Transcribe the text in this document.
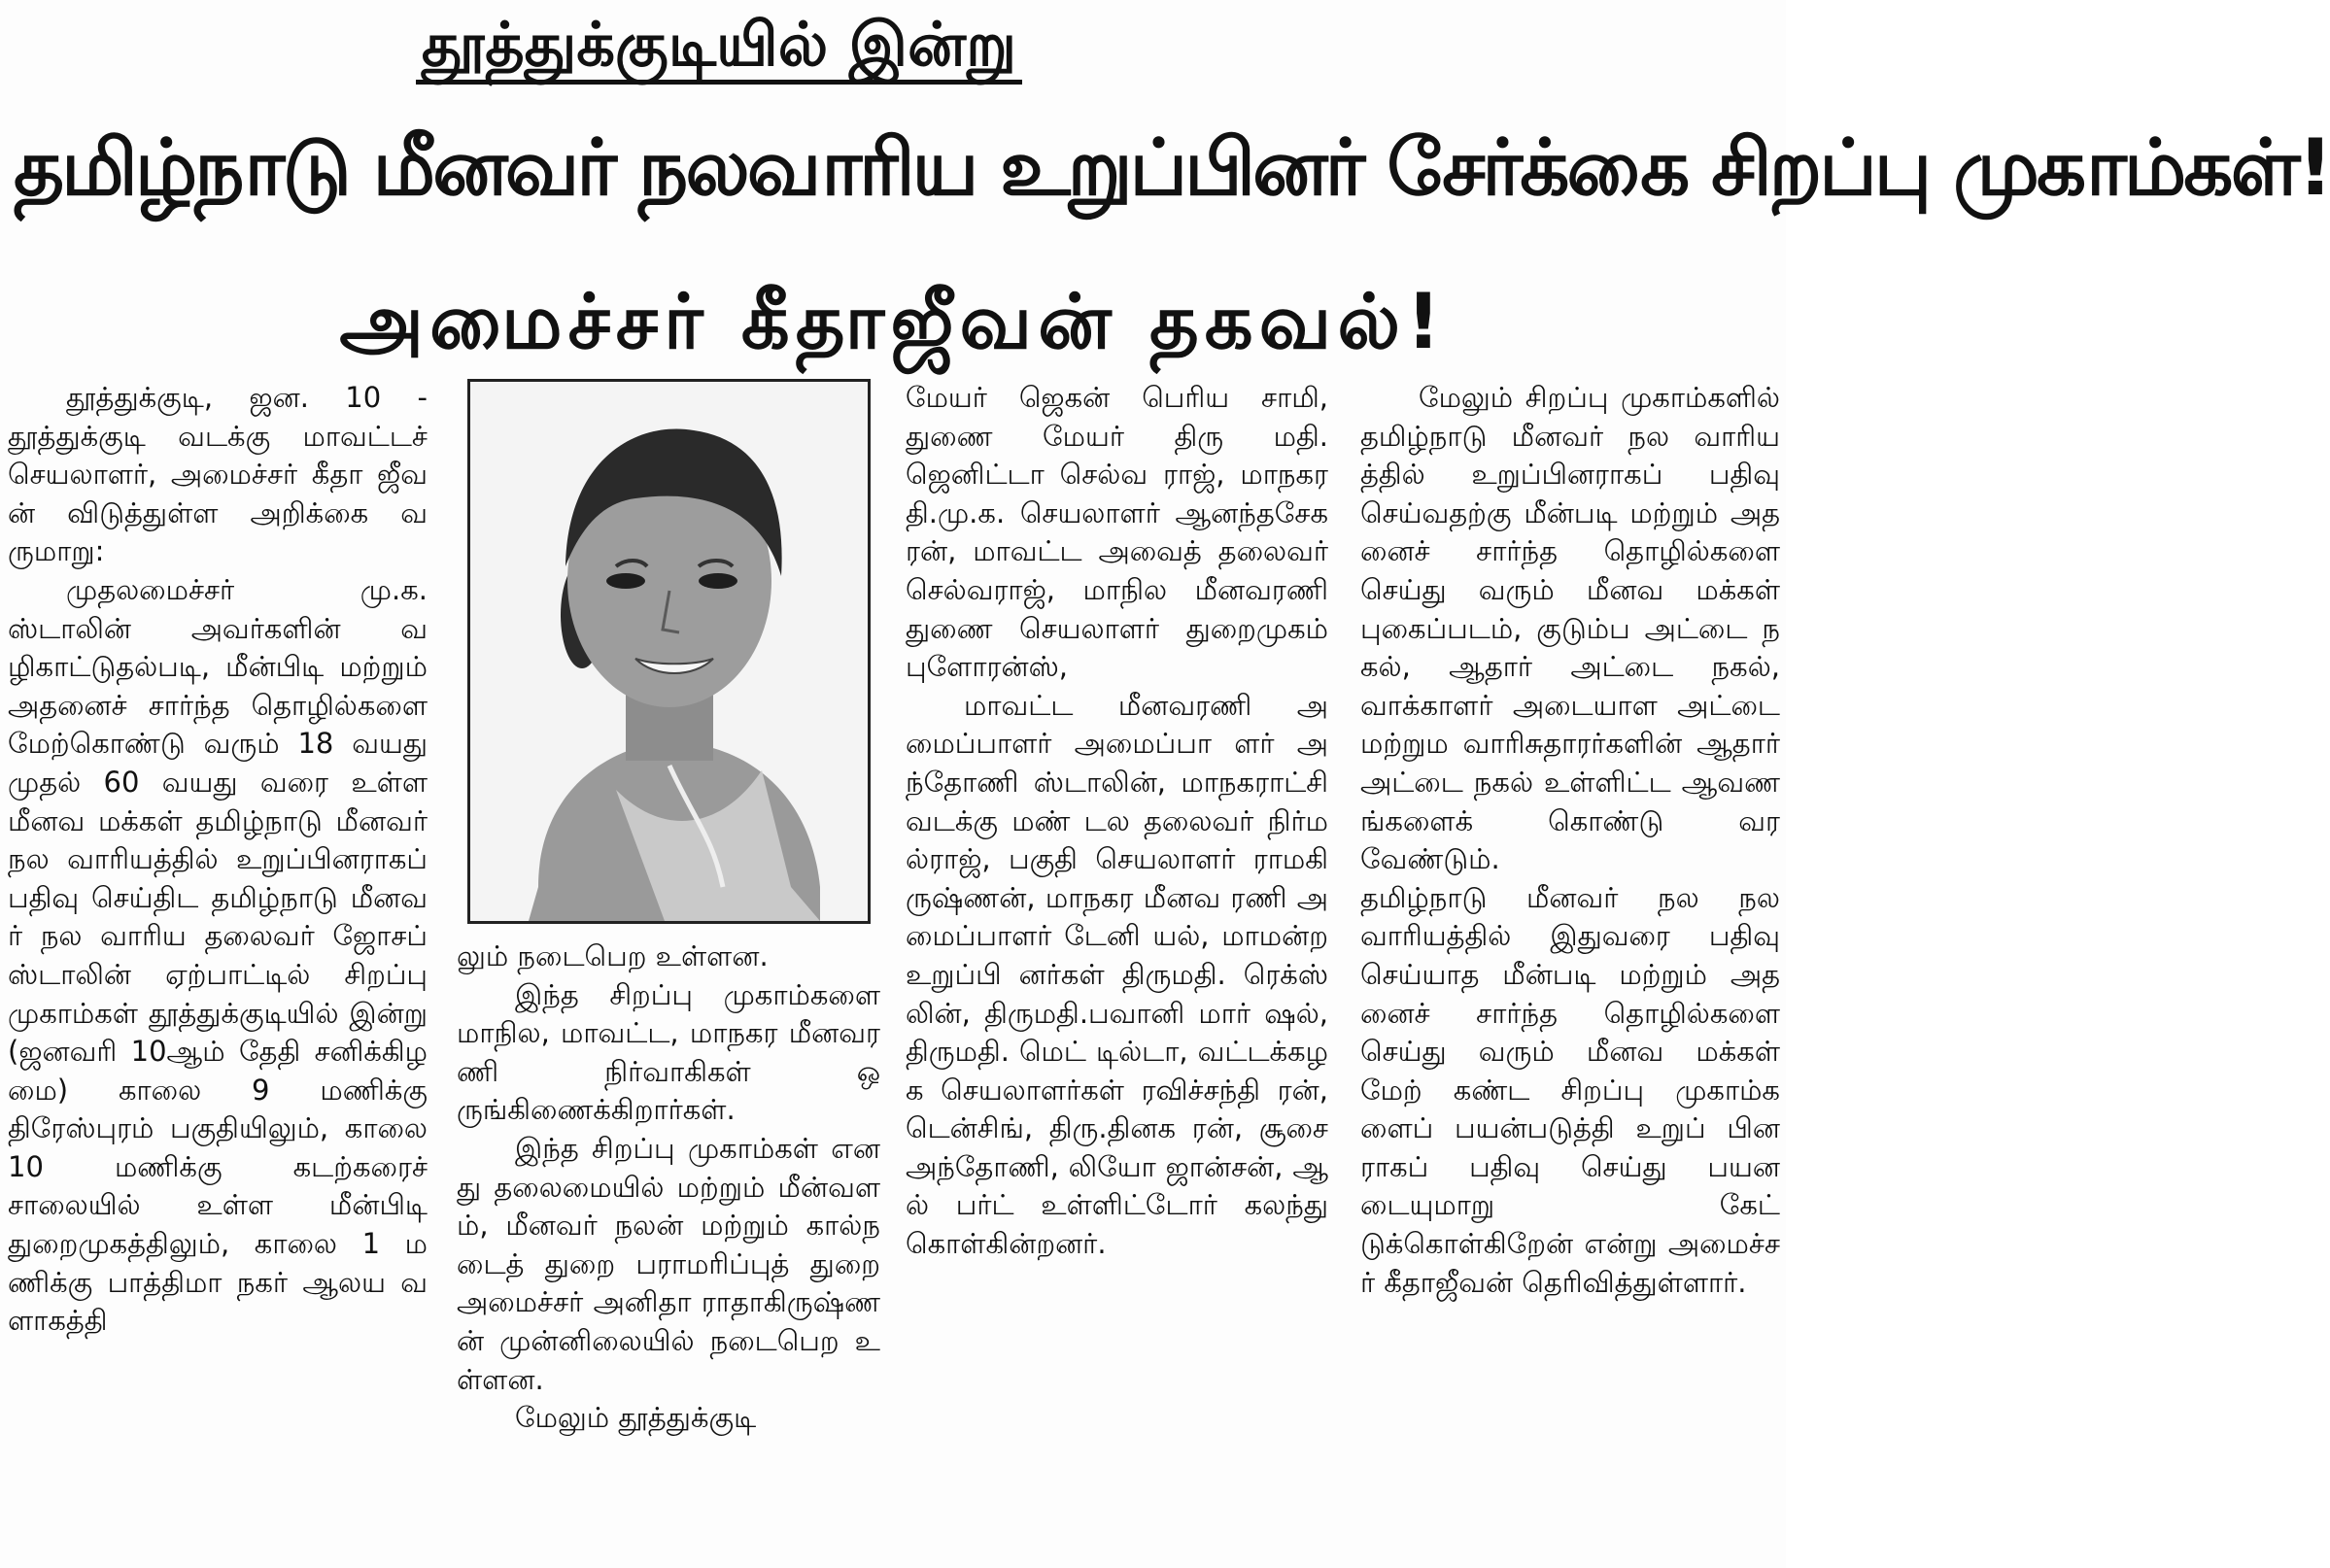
தூத்துக்குடியில் இன்று
தமிழ்நாடு மீனவர் நலவாரிய உறுப்பினர் சேர்க்கை சிறப்பு முகாம்கள்!
அமைச்சர் கீதாஜீவன் தகவல்!

தூத்துக்குடி, ஜன. 10 - தூத்துக்குடி வடக்கு மாவட்டச் செயலாளர், அமைச்சர் கீதா ஜீவன் விடுத்துள்ள அறிக்கை வருமாறு:

முதலமைச்சர் மு.க.ஸ்டாலின் அவர்களின் வழிகாட்டுதல்படி, மீன்பிடி மற்றும் அதனைச் சார்ந்த தொழில்களை மேற்கொண்டு வரும் 18 வயது முதல் 60 வயது வரை உள்ள மீனவ மக்கள் தமிழ்நாடு மீனவர் நல வாரியத்தில் உறுப்பினராகப் பதிவு செய்திட தமிழ்நாடு மீனவர் நல வாரிய தலைவர் ஜோசப் ஸ்டாலின் ஏற்பாட்டில் சிறப்பு முகாம்கள் தூத்துக்குடியில் இன்று (ஜனவரி 10ஆம் தேதி சனிக்கிழமை) காலை 9 மணிக்கு திரேஸ்புரம் பகுதியிலும், காலை 10 மணிக்கு கடற்கரைச் சாலையில் உள்ள மீன்பிடி துறைமுகத்திலும், காலை 1 மணிக்கு பாத்திமா நகர் ஆலய வளாகத்தி

லும் நடைபெற உள்ளன.

இந்த சிறப்பு முகாம்களை மாநில, மாவட்ட, மாநகர மீனவரணி நிர்வாகிகள் ஒருங்கிணைக்கிறார்கள்.

இந்த சிறப்பு முகாம்கள் எனது தலைமையில் மற்றும் மீன்வளம், மீனவர் நலன் மற்றும் கால்நடைத் துறை பராமரிப்புத் துறை அமைச்சர் அனிதா ராதாகிருஷ்ணன் முன்னிலையில் நடைபெற உள்ளன.

மேலும் தூத்துக்குடி

மேயர் ஜெகன் பெரிய சாமி, துணை மேயர் திரு மதி. ஜெனிட்டா செல்வ ராஜ், மாநகர தி.மு.க. செயலாளர் ஆனந்தசேக ரன், மாவட்ட அவைத் தலைவர் செல்வராஜ், மாநில மீனவரணி துணை செயலாளர் துறைமுகம் புளோரன்ஸ்,

மாவட்ட மீனவரணி அமைப்பாளர் அமைப்பா ளர் அந்தோணி ஸ்டாலின், மாநகராட்சி வடக்கு மண் டல தலைவர் நிர்மல்ராஜ், பகுதி செயலாளர் ராமகி ருஷ்ணன், மாநகர மீனவ ரணி அமைப்பாளர் டேனி யல், மாமன்ற உறுப்பி னர்கள் திருமதி. ரெக்ஸ் லின், திருமதி.பவானி மார் ஷல், திருமதி. மெட் டில்டா, வட்டக்கழக செயலாளர்கள் ரவிச்சந்தி ரன், டென்சிங், திரு.தினக ரன், சூசை அந்தோணி, லியோ ஜான்சன், ஆல் பர்ட் உள்ளிட்டோர் கலந்து கொள்கின்றனர்.

மேலும் சிறப்பு முகாம்களில் தமிழ்நாடு மீனவர் நல வாரியத்தில் உறுப்பினராகப் பதிவு செய்வதற்கு மீன்படி மற்றும் அதனைச் சார்ந்த தொழில்களை செய்து வரும் மீனவ மக்கள் புகைப்படம், குடும்ப அட்டை நகல், ஆதார் அட்டை நகல், வாக்காளர் அடையாள அட்டை மற்றும வாரிசுதாரர்களின் ஆதார் அட்டை நகல் உள்ளிட்ட ஆவணங்களைக் கொண்டு வர வேண்டும்.

தமிழ்நாடு மீனவர் நல நல வாரியத்தில் இதுவரை பதிவு செய்யாத மீன்படி மற்றும் அதனைச் சார்ந்த தொழில்களை செய்து வரும் மீனவ மக்கள் மேற் கண்ட சிறப்பு முகாம்களைப் பயன்படுத்தி உறுப் பினராகப் பதிவு செய்து பயனடையுமாறு கேட் டுக்கொள்கிறேன் என்று அமைச்சர் கீதாஜீவன் தெரிவித்துள்ளார்.
